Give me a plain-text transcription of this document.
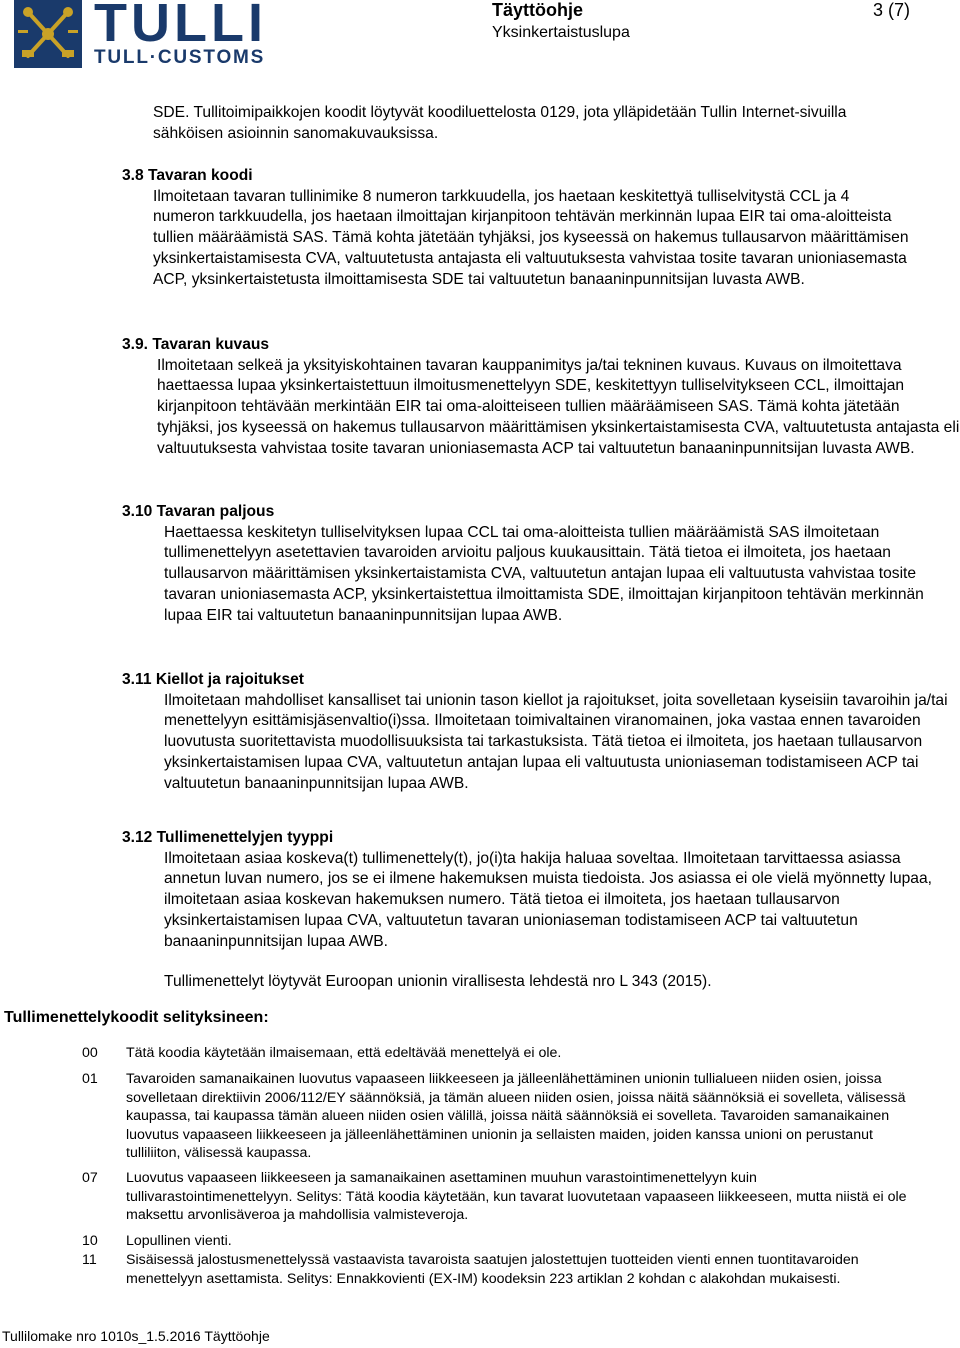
TULLI
TULL·CUSTOMS
Täyttöohje
Yksinkertaistuslupa
3 (7)
SDE. Tullitoimipaikkojen koodit löytyvät koodiluettelosta 0129, jota ylläpidetään Tullin Internet-sivuilla sähköisen asioinnin sanomakuvauksissa.
3.8 Tavaran koodi
Ilmoitetaan tavaran tullinimike 8 numeron tarkkuudella, jos haetaan keskitettyä tulliselvitystä CCL ja 4 numeron tarkkuudella, jos haetaan ilmoittajan kirjanpitoon tehtävän merkinnän lupaa EIR tai oma-aloitteista tullien määräämistä SAS. Tämä kohta jätetään tyhjäksi, jos kyseessä on hakemus tullausarvon määrittämisen yksinkertaistamisesta CVA, valtuutetusta antajasta eli valtuutuksesta vahvistaa tosite tavaran unioniasemasta ACP, yksinkertaistetusta ilmoittamisesta SDE tai valtuutetun banaaninpunnitsijan luvasta AWB.
3.9. Tavaran kuvaus
Ilmoitetaan selkeä ja yksityiskohtainen tavaran kauppanimitys ja/tai tekninen kuvaus. Kuvaus on ilmoitettava haettaessa lupaa yksinkertaistettuun ilmoitusmenettelyyn SDE, keskitettyyn tulliselvitykseen CCL, ilmoittajan kirjanpitoon tehtävään merkintään EIR tai oma-aloitteiseen tullien määräämiseen SAS. Tämä kohta jätetään tyhjäksi, jos kyseessä on hakemus tullausarvon määrittämisen yksinkertaistamisesta CVA, valtuutetusta antajasta eli valtuutuksesta vahvistaa tosite tavaran unioniasemasta ACP tai valtuutetun banaaninpunnitsijan luvasta AWB.
3.10 Tavaran paljous
Haettaessa keskitetyn tulliselvityksen lupaa CCL tai oma-aloitteista tullien määräämistä SAS ilmoitetaan tullimenettelyyn asetettavien tavaroiden arvioitu paljous kuukausittain. Tätä tietoa ei ilmoiteta, jos haetaan tullausarvon määrittämisen yksinkertaistamista CVA, valtuutetun antajan lupaa eli valtuutusta vahvistaa tosite tavaran unioniasemasta ACP, yksinkertaistettua ilmoittamista SDE, ilmoittajan kirjanpitoon tehtävän merkinnän lupaa EIR tai valtuutetun banaaninpunnitsijan lupaa AWB.
3.11 Kiellot ja rajoitukset
Ilmoitetaan mahdolliset kansalliset tai unionin tason kiellot ja rajoitukset, joita sovelletaan kyseisiin tavaroihin ja/tai menettelyyn esittämisjäsenvaltio(i)ssa. Ilmoitetaan toimivaltainen viranomainen, joka vastaa ennen tavaroiden luovutusta suoritettavista muodollisuuksista tai tarkastuksista. Tätä tietoa ei ilmoiteta, jos haetaan tullausarvon yksinkertaistamisen lupaa CVA, valtuutetun antajan lupaa eli valtuutusta unioniaseman todistamiseen ACP tai valtuutetun banaaninpunnitsijan lupaa AWB.
3.12 Tullimenettelyjen tyyppi
Ilmoitetaan asiaa koskeva(t) tullimenettely(t), jo(i)ta hakija haluaa soveltaa. Ilmoitetaan tarvittaessa asiassa annetun luvan numero, jos se ei ilmene hakemuksen muista tiedoista. Jos asiassa ei ole vielä myönnetty lupaa, ilmoitetaan asiaa koskevan hakemuksen numero. Tätä tietoa ei ilmoiteta, jos haetaan tullausarvon yksinkertaistamisen lupaa CVA, valtuutetun tavaran unioniaseman todistamiseen ACP tai valtuutetun banaaninpunnitsijan lupaa AWB.
Tullimenettelyt löytyvät Euroopan unionin virallisesta lehdestä nro L 343 (2015).
Tullimenettelykoodit selityksineen:
00 Tätä koodia käytetään ilmaisemaan, että edeltävää menettelyä ei ole.
01 Tavaroiden samanaikainen luovutus vapaaseen liikkeeseen ja jälleenlähettäminen unionin tullialueen niiden osien, joissa sovelletaan direktiivin 2006/112/EY säännöksiä, ja tämän alueen niiden osien, joissa näitä säännöksiä ei sovelleta, välisessä kaupassa, tai kaupassa tämän alueen niiden osien välillä, joissa näitä säännöksiä ei sovelleta. Tavaroiden samanaikainen luovutus vapaaseen liikkeeseen ja jälleenlähettäminen unionin ja sellaisten maiden, joiden kanssa unioni on perustanut tulliliiton, välisessä kaupassa.
07 Luovutus vapaaseen liikkeeseen ja samanaikainen asettaminen muuhun varastointimenettelyyn kuin tullivarastointimenettelyyn. Selitys: Tätä koodia käytetään, kun tavarat luovutetaan vapaaseen liikkeeseen, mutta niistä ei ole maksettu arvonlisäveroa ja mahdollisia valmisteveroja.
10 Lopullinen vienti.
11 Sisäisessä jalostusmenettelyssä vastaavista tavaroista saatujen jalostettujen tuotteiden vienti ennen tuontitavaroiden menettelyyn asettamista. Selitys: Ennakkovienti (EX-IM) koodeksin 223 artiklan 2 kohdan c alakohdan mukaisesti.
Tullilomake nro 1010s_1.5.2016 Täyttöohje
